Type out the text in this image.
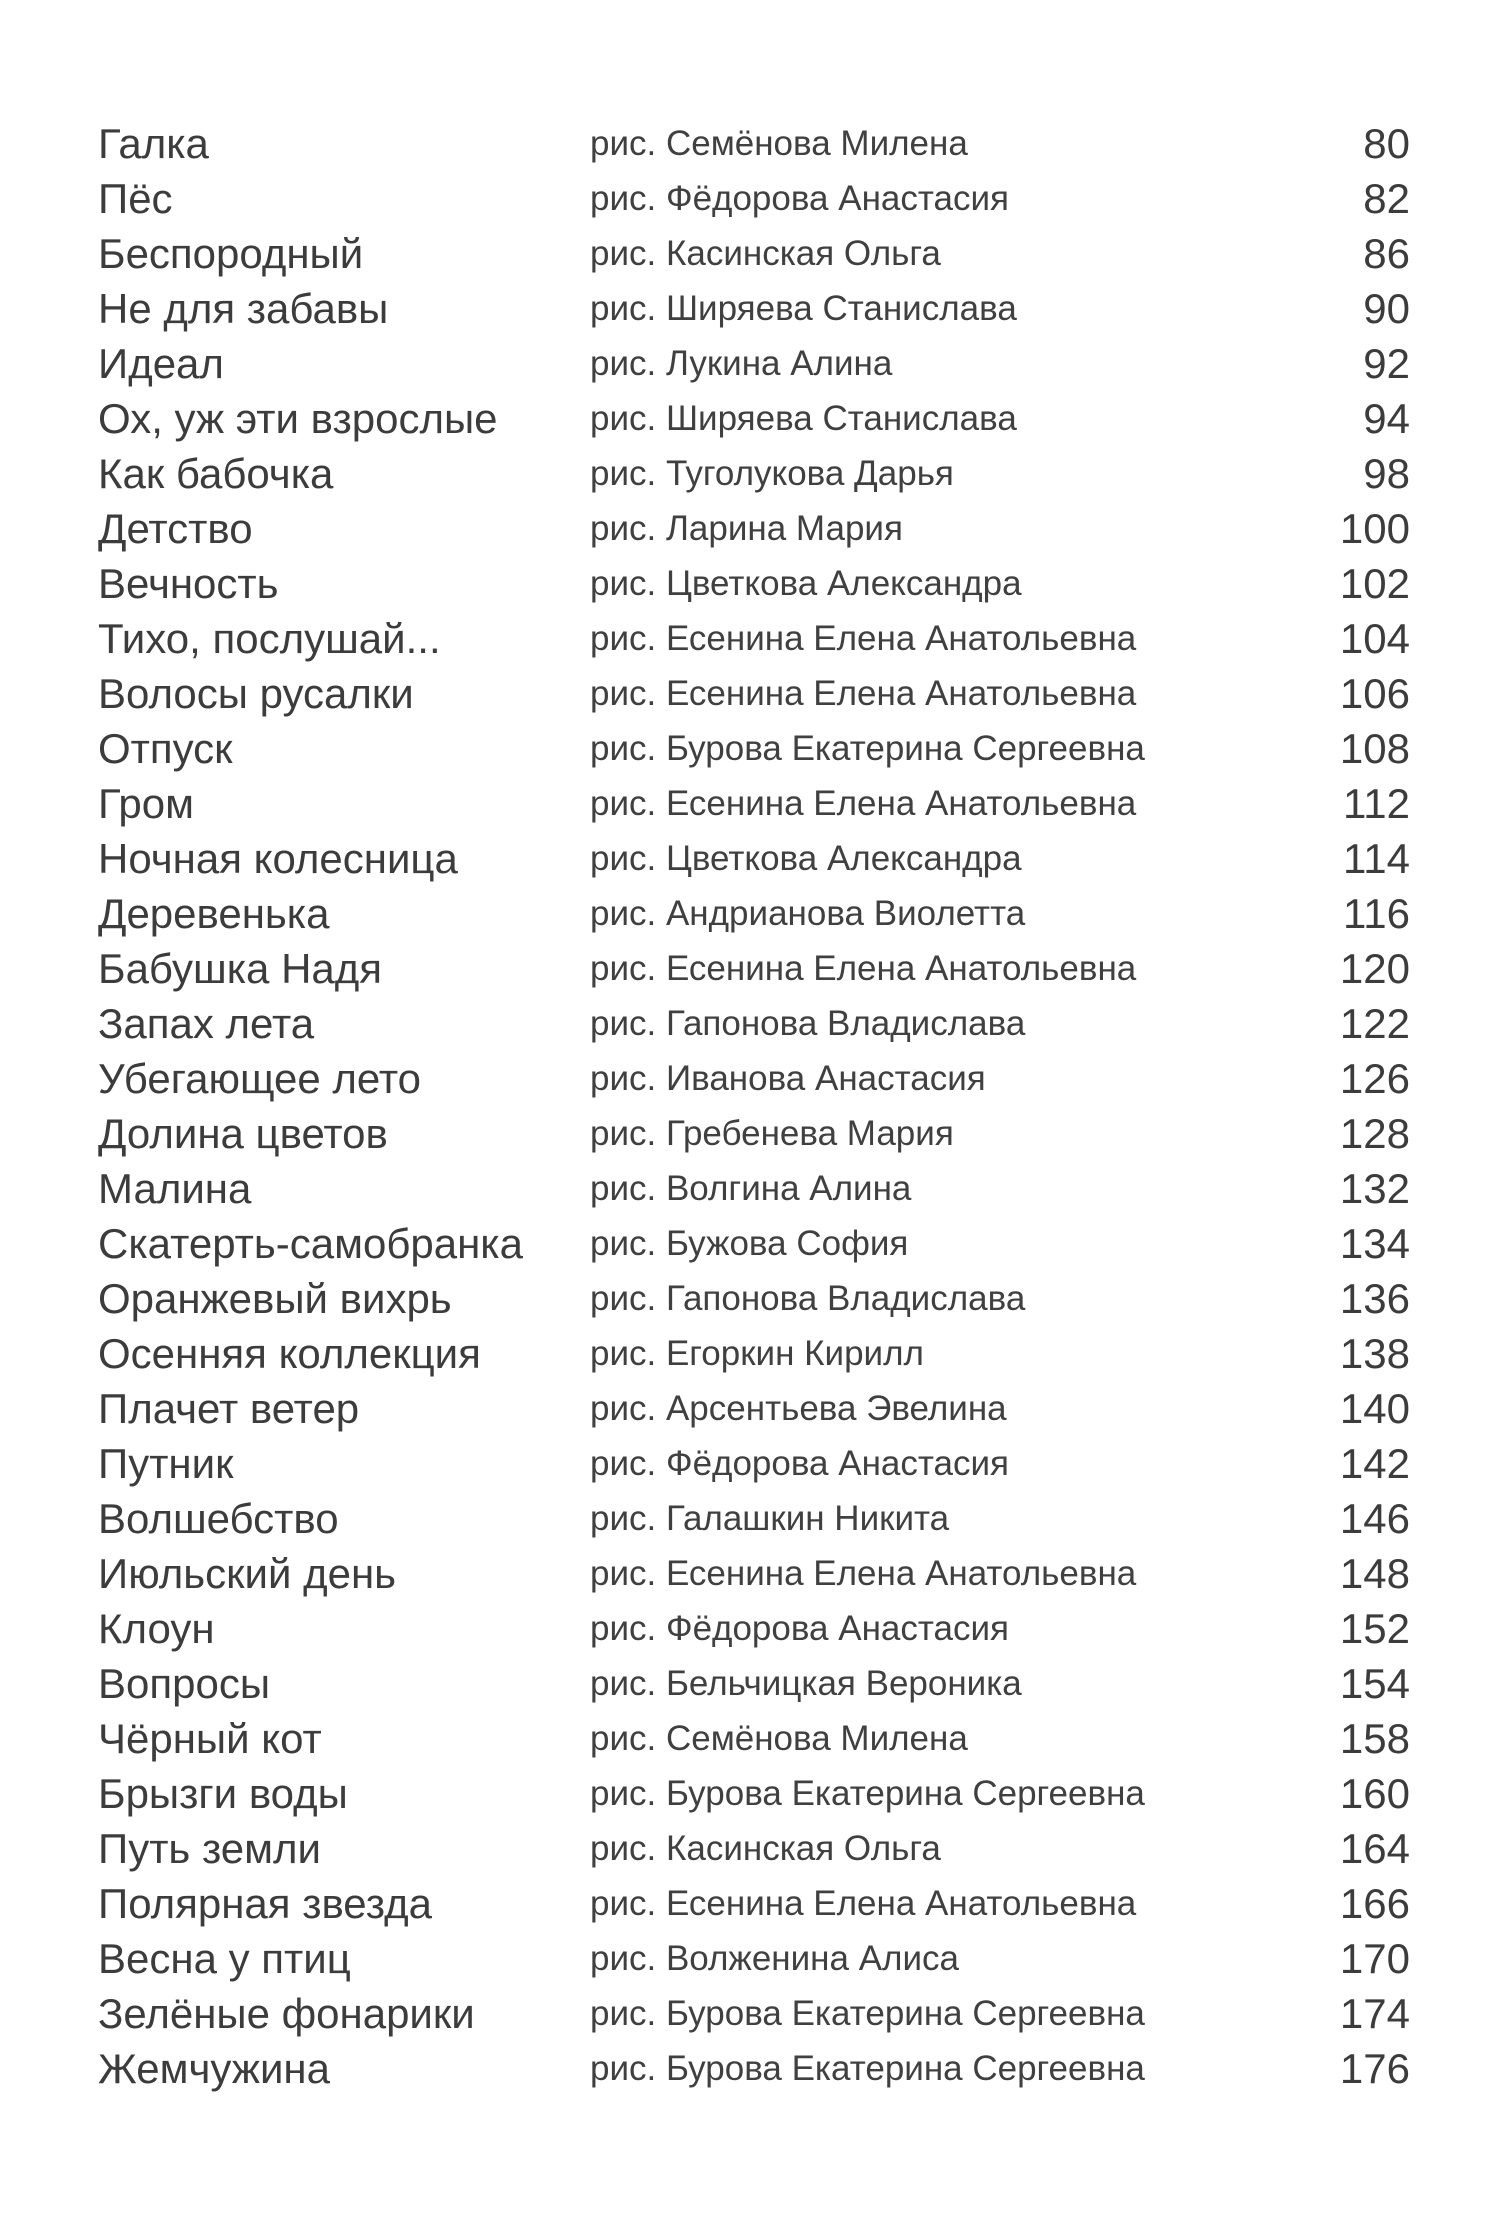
Галка	рис. Семёнова Милена	80
Пёс	рис. Фёдорова Анастасия	82
Беспородный	рис. Касинская Ольга	86
Не для забавы	рис. Ширяева Станислава	90
Идеал	рис. Лукина Алина	92
Ох, уж эти взрослые	рис. Ширяева Станислава	94
Как бабочка	рис. Туголукова Дарья	98
Детство	рис. Ларина Мария	100
Вечность	рис. Цветкова Александра	102
Тихо, послушай...	рис. Есенина Елена Анатольевна	104
Волосы русалки	рис. Есенина Елена Анатольевна	106
Отпуск	рис. Бурова Екатерина Сергеевна	108
Гром	рис. Есенина Елена Анатольевна	112
Ночная колесница	рис. Цветкова Александра	114
Деревенька	рис. Андрианова Виолетта	116
Бабушка Надя	рис. Есенина Елена Анатольевна	120
Запах лета	рис. Гапонова Владислава	122
Убегающее лето	рис. Иванова Анастасия	126
Долина цветов	рис. Гребенева Мария	128
Малина	рис. Волгина Алина	132
Скатерть-самобранка рис. Бужова София	134
Оранжевый вихрь	рис. Гапонова Владислава	136
Осенняя коллекция	рис. Егоркин Кирилл	138
Плачет ветер	рис. Арсентьева Эвелина	140
Путник	рис. Фёдорова Анастасия	142
Волшебство	рис. Галашкин Никита	146
Июльский день	рис. Есенина Елена Анатольевна	148
Клоун	рис. Фёдорова Анастасия	152
Вопросы	рис. Бельчицкая Вероника	154
Чёрный кот	рис. Семёнова Милена	158
Брызги воды	рис. Бурова Екатерина Сергеевна	160
Путь земли	рис. Касинская Ольга	164
Полярная звезда	рис. Есенина Елена Анатольевна	166
Весна у птиц	рис. Волженина Алиса	170
Зелёные фонарики	рис. Бурова Екатерина Сергеевна	174
Жемчужина	рис. Бурова Екатерина Сергеевна	176
